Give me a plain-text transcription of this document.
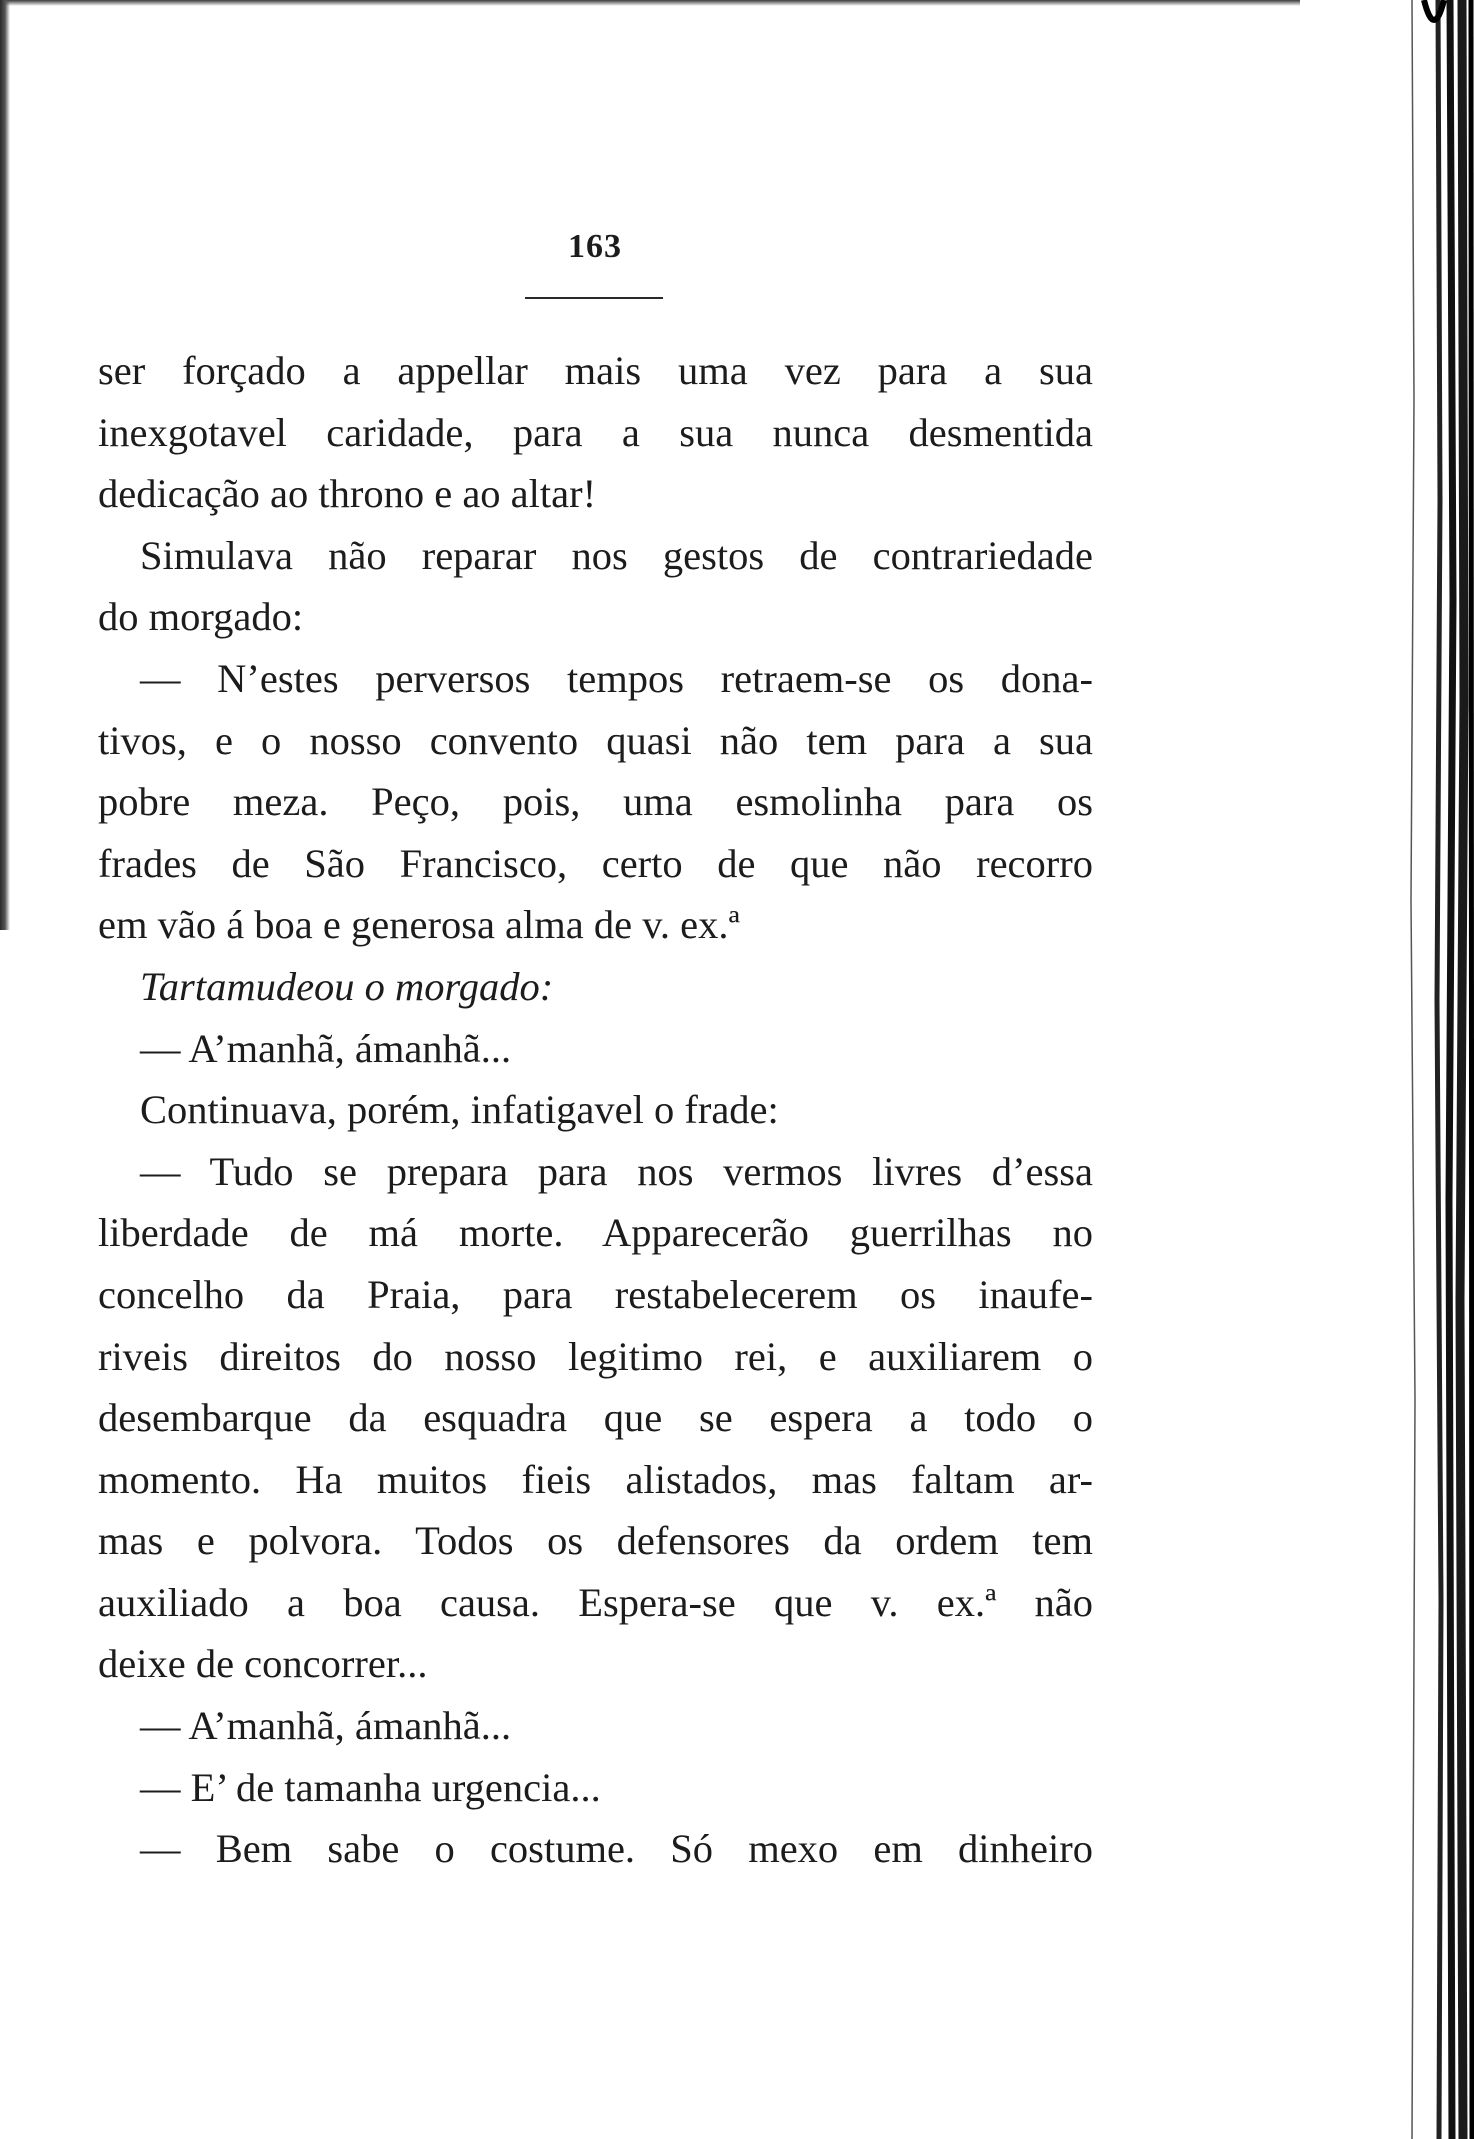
163
ser forçado a appellar mais uma vez para a sua
inexgotavel caridade, para a sua nunca desmentida
dedicação ao throno e ao altar!
Simulava não reparar nos gestos de contrariedade
do morgado:
— N’estes perversos tempos retraem-se os dona-
tivos, e o nosso convento quasi não tem para a sua
pobre meza. Peço, pois, uma esmolinha para os
frades de São Francisco, certo de que não recorro
em vão á boa e generosa alma de v. ex.ª
Tartamudeou o morgado:
— A’manhã, ámanhã...
Continuava, porém, infatigavel o frade:
— Tudo se prepara para nos vermos livres d’essa
liberdade de má morte. Apparecerão guerrilhas no
concelho da Praia, para restabelecerem os inaufe-
riveis direitos do nosso legitimo rei, e auxiliarem o
desembarque da esquadra que se espera a todo o
momento. Ha muitos fieis alistados, mas faltam ar-
mas e polvora. Todos os defensores da ordem tem
auxiliado a boa causa. Espera-se que v. ex.ª não
deixe de concorrer...
— A’manhã, ámanhã...
— E’ de tamanha urgencia...
— Bem sabe o costume. Só mexo em dinheiro
